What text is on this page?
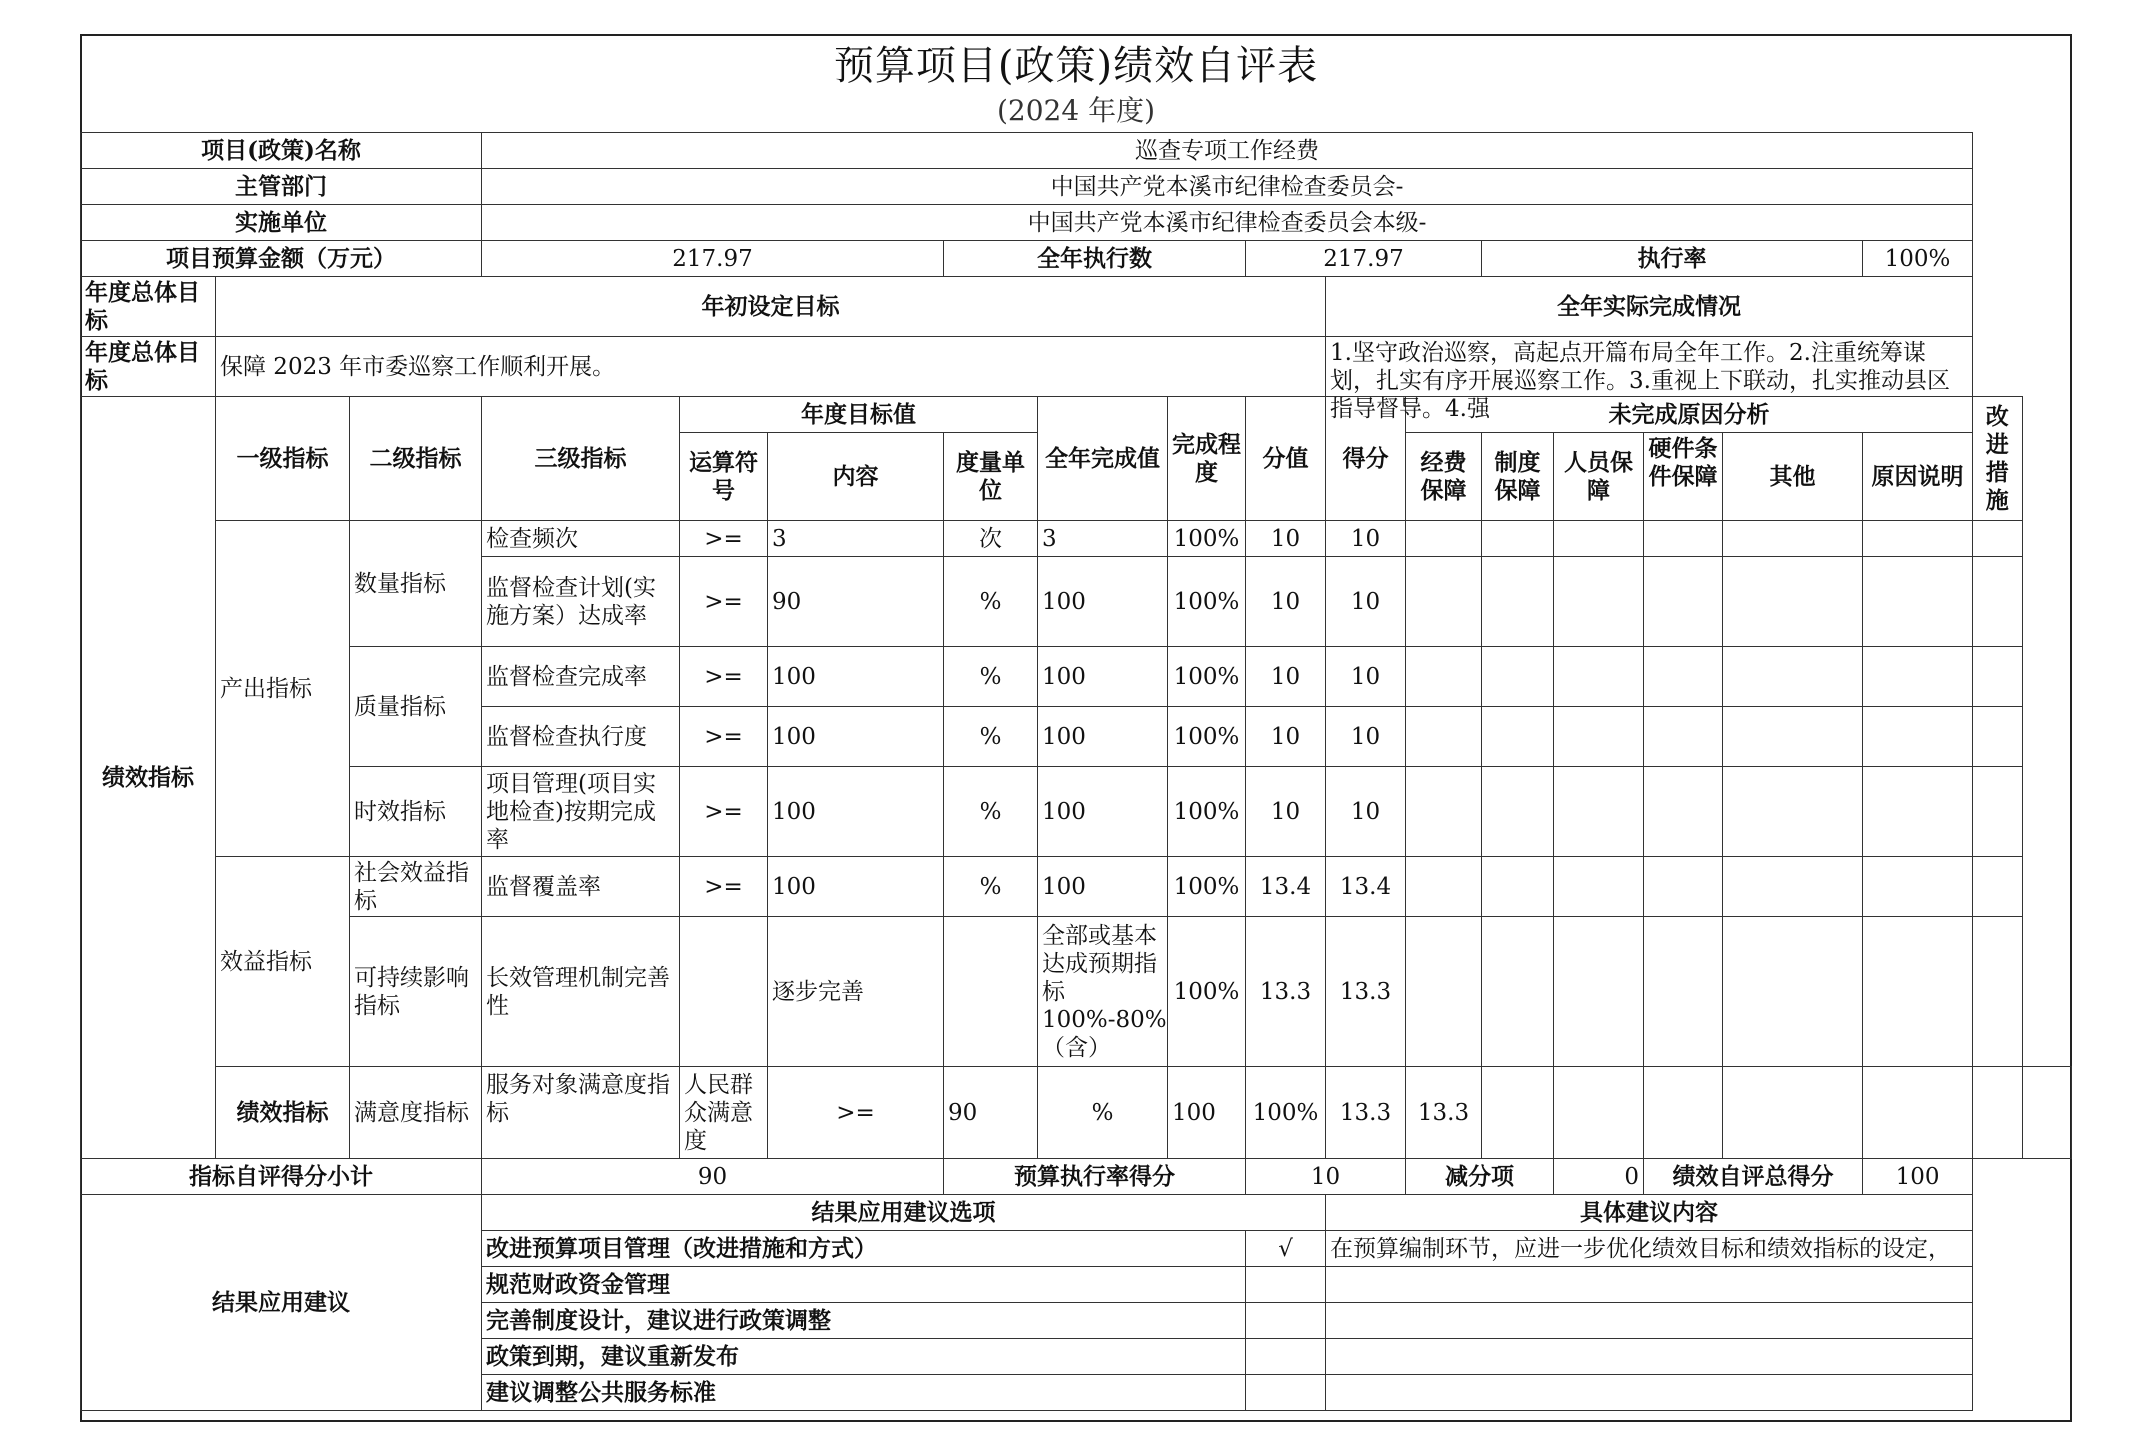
预算项目(政策)绩效自评表
(2024 年度)
项目(政策)名称			巡查专项工作经费															
主管部门			中国共产党本溪市纪律检查委员会-															
实施单位			中国共产党本溪市纪律检查委员会本级-															
项目预算金额（万元）			217.97			全年执行数			217.97			执行率				100%		

年度总体目标	年初设定目标									全年实际完成情况								

年度总体目标	保障 2023 年市委巡察工作顺利开展。									1.坚守政治巡察，高起点开篇布局全年工作。2.注重统筹谋划，扎实有序开展巡察工作。3.重视上下联动，扎实推动县区指导督导。4.强								

绩效指标	一级指标	二级指标	三级指标	年度目标值			全年完成值	完成程度	分值	得分	未完成原因分析						改进措施	
				运算符号	内容	度量单位					经费保障	制度保障	人员保障	硬件条件保障	其他	原因说明		
	产出指标	数量指标	检查频次	>=	3	次	3	100%	10	10								
			监督检查计划(实施方案）达成率	>=	90	%	100	100%	10	10								
		质量指标	监督检查完成率	>=	100	%	100	100%	10	10								
			监督检查执行度	>=	100	%	100	100%	10	10								
		时效指标	项目管理(项目实地检查)按期完成率	>=	100	%	100	100%	10	10								
	效益指标	社会效益指标	监督覆盖率	>=	100	%	100	100%	13.4	13.4								
		可持续影响指标	长效管理机制完善性		逐步完善		全部或基本达成预期指标100%-80%（含）	100%	13.3	13.3								
	绩效指标	满意度指标	服务对象满意度指标	人民群众满意度	>=	90	%	100	100%	13.3	13.3							
指标自评得分小计			90			预算执行率得分			10		减分项		0	绩效自评总得分		100		
结果应用建议			结果应用建议选项							具体建议内容								
			改进预算项目管理（改进措施和方式）						√	在预算编制环节，应进一步优化绩效目标和绩效指标的设定，								
			规范财政资金管理															
			完善制度设计，建议进行政策调整															
			政策到期，建议重新发布															
			建议调整公共服务标准															
